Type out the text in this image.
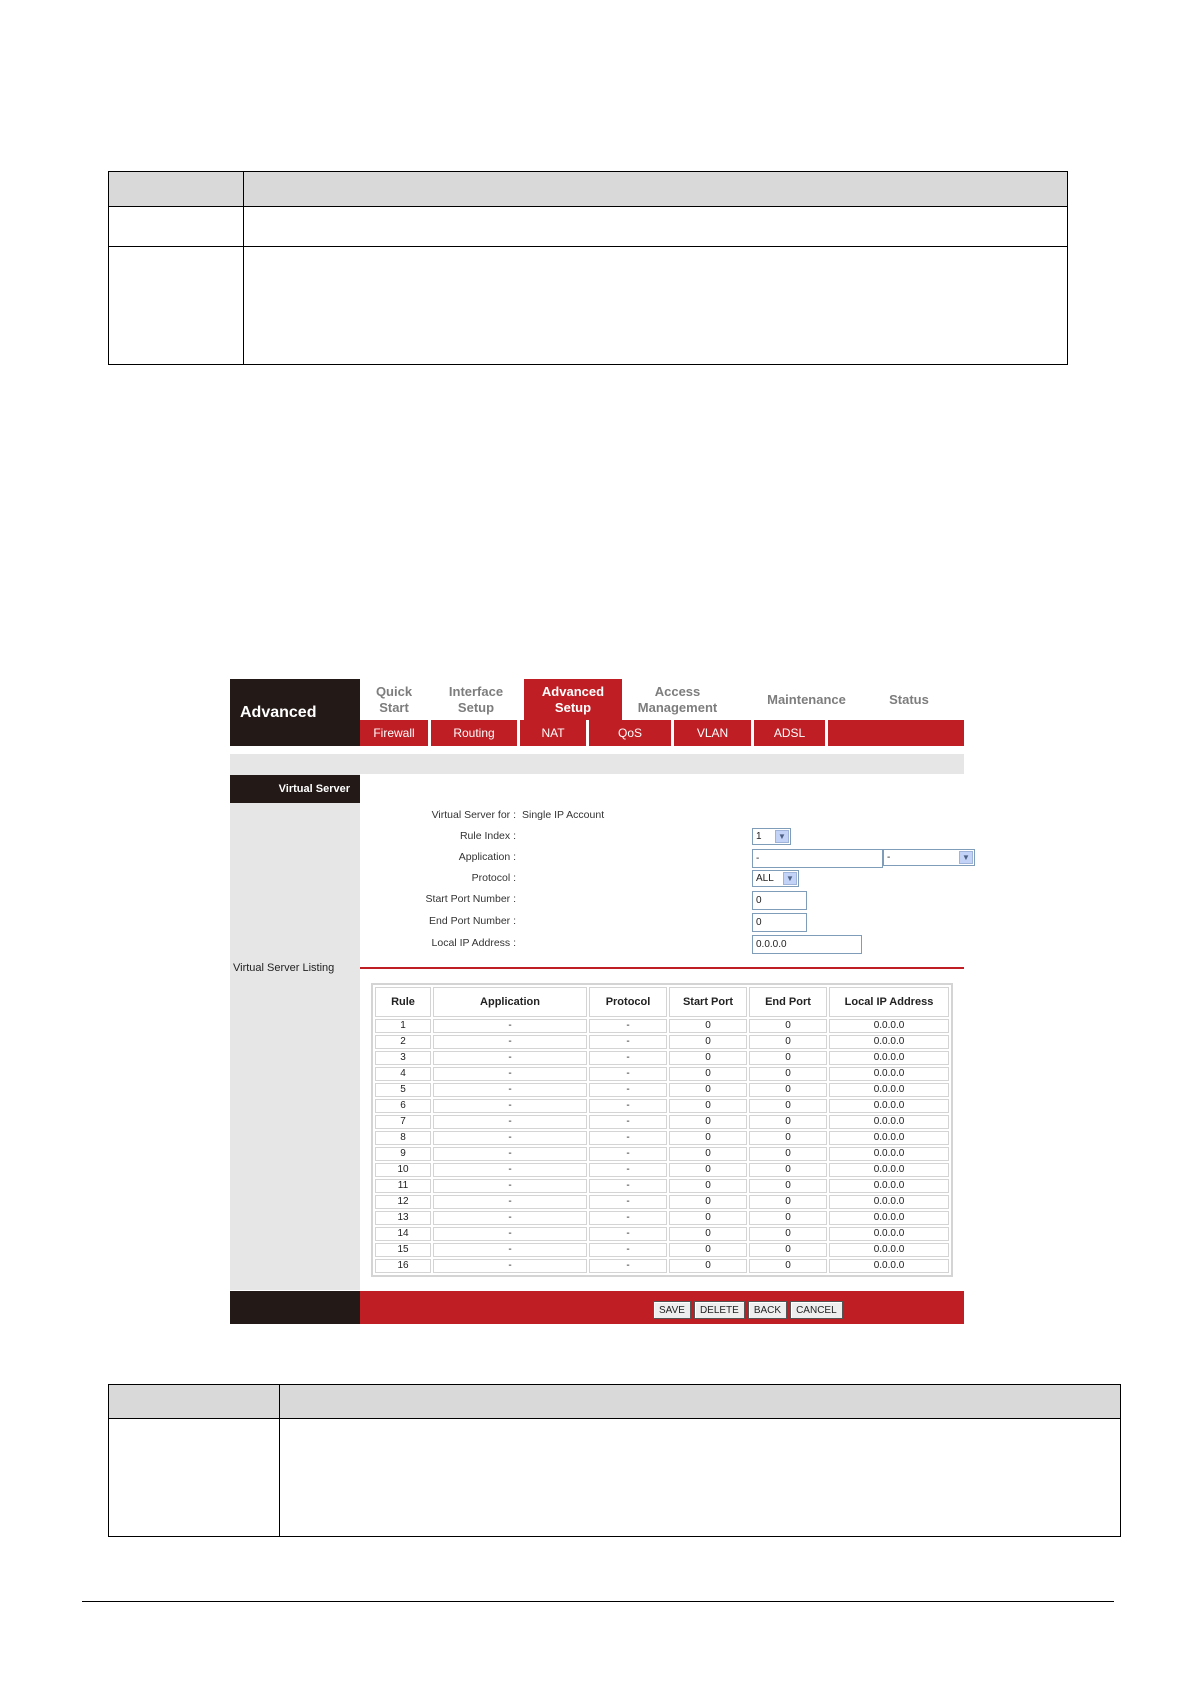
Advanced
Quick
Start
Interface
Setup
Advanced
Setup
Access
Management
Maintenance	Status
Firewall	Routing	NAT	QoS	VLAN	ADSL
Virtual Server
Virtual Server for : Single IP Account
Rule Index :	1	▼
Application :	-	-	▼
Protocol :	ALL	▼
Start Port Number :	0
End Port Number :	0
Local IP Address :	0.0.0.0
Virtual Server Listing
Rule	Application	Protocol	Start Port	End Port	Local IP Address
1	-	-	0	0	0.0.0.0
2	-	-	0	0	0.0.0.0
3	-	-	0	0	0.0.0.0
4	-	-	0	0	0.0.0.0
5	-	-	0	0	0.0.0.0
6	-	-	0	0	0.0.0.0
7	-	-	0	0	0.0.0.0
8	-	-	0	0	0.0.0.0
9	-	-	0	0	0.0.0.0
10	-	-	0	0	0.0.0.0
11	-	-	0	0	0.0.0.0
12	-	-	0	0	0.0.0.0
13	-	-	0	0	0.0.0.0
14	-	-	0	0	0.0.0.0
15	-	-	0	0	0.0.0.0
16	-	-	0	0	0.0.0.0
SAVE	DELETE	BACK	CANCEL
